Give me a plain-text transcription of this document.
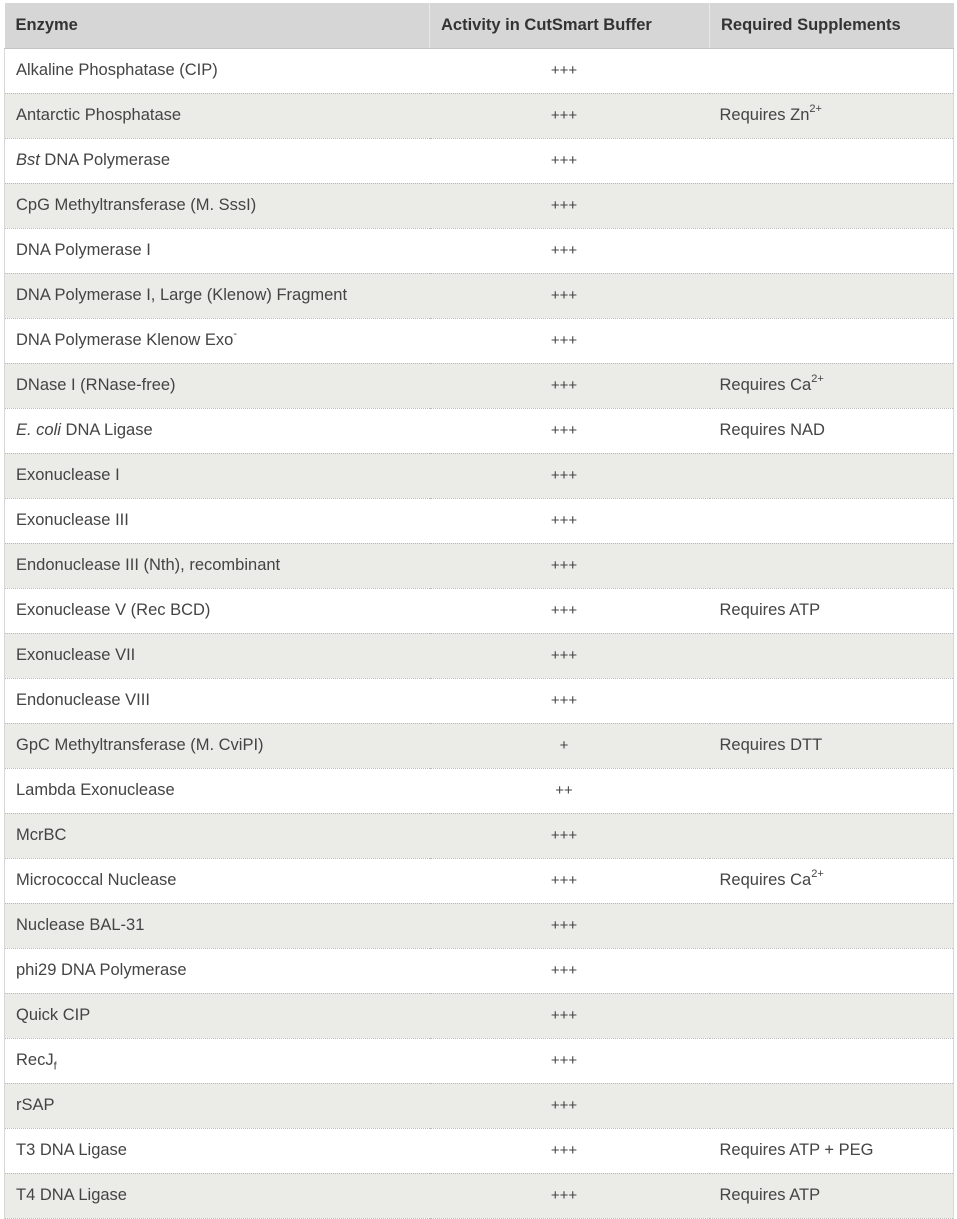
Enzyme	Activity in CutSmart Buffer	Required Supplements
Alkaline Phosphatase (CIP)	+++	
Antarctic Phosphatase	+++	Requires $Zn^{2+}$
Bst DNA Polymerase	+++	
CpG Methyltransferase (M. SssI)	+++	
DNA Polymerase I	+++	
DNA Polymerase I, Large (Klenow) Fragment	+++	
DNA Polymerase Klenow Exo-	+++	
DNase I (RNase-free)	+++	Requires $Ca^{2+}$
E. coli DNA Ligase	+++	Requires NAD
Exonuclease I	+++	
Exonuclease III	+++	
Endonuclease III (Nth), recombinant	+++	
Exonuclease V (Rec BCD)	+++	Requires ATP
Exonuclease VII	+++	
Endonuclease VIII	+++	
GpC Methyltransferase (M. CviPI)	+	Requires DTT
Lambda Exonuclease	++	
McrBC	+++	
Micrococcal Nuclease	+++	Requires $Ca^{2+}$
Nuclease BAL-31	+++	
phi29 DNA Polymerase	+++	
Quick CIP	+++	
RecJ$_f$	+++	
rSAP	+++	
T3 DNA Ligase	+++	Requires ATP + PEG
T4 DNA Ligase	+++	Requires ATP
